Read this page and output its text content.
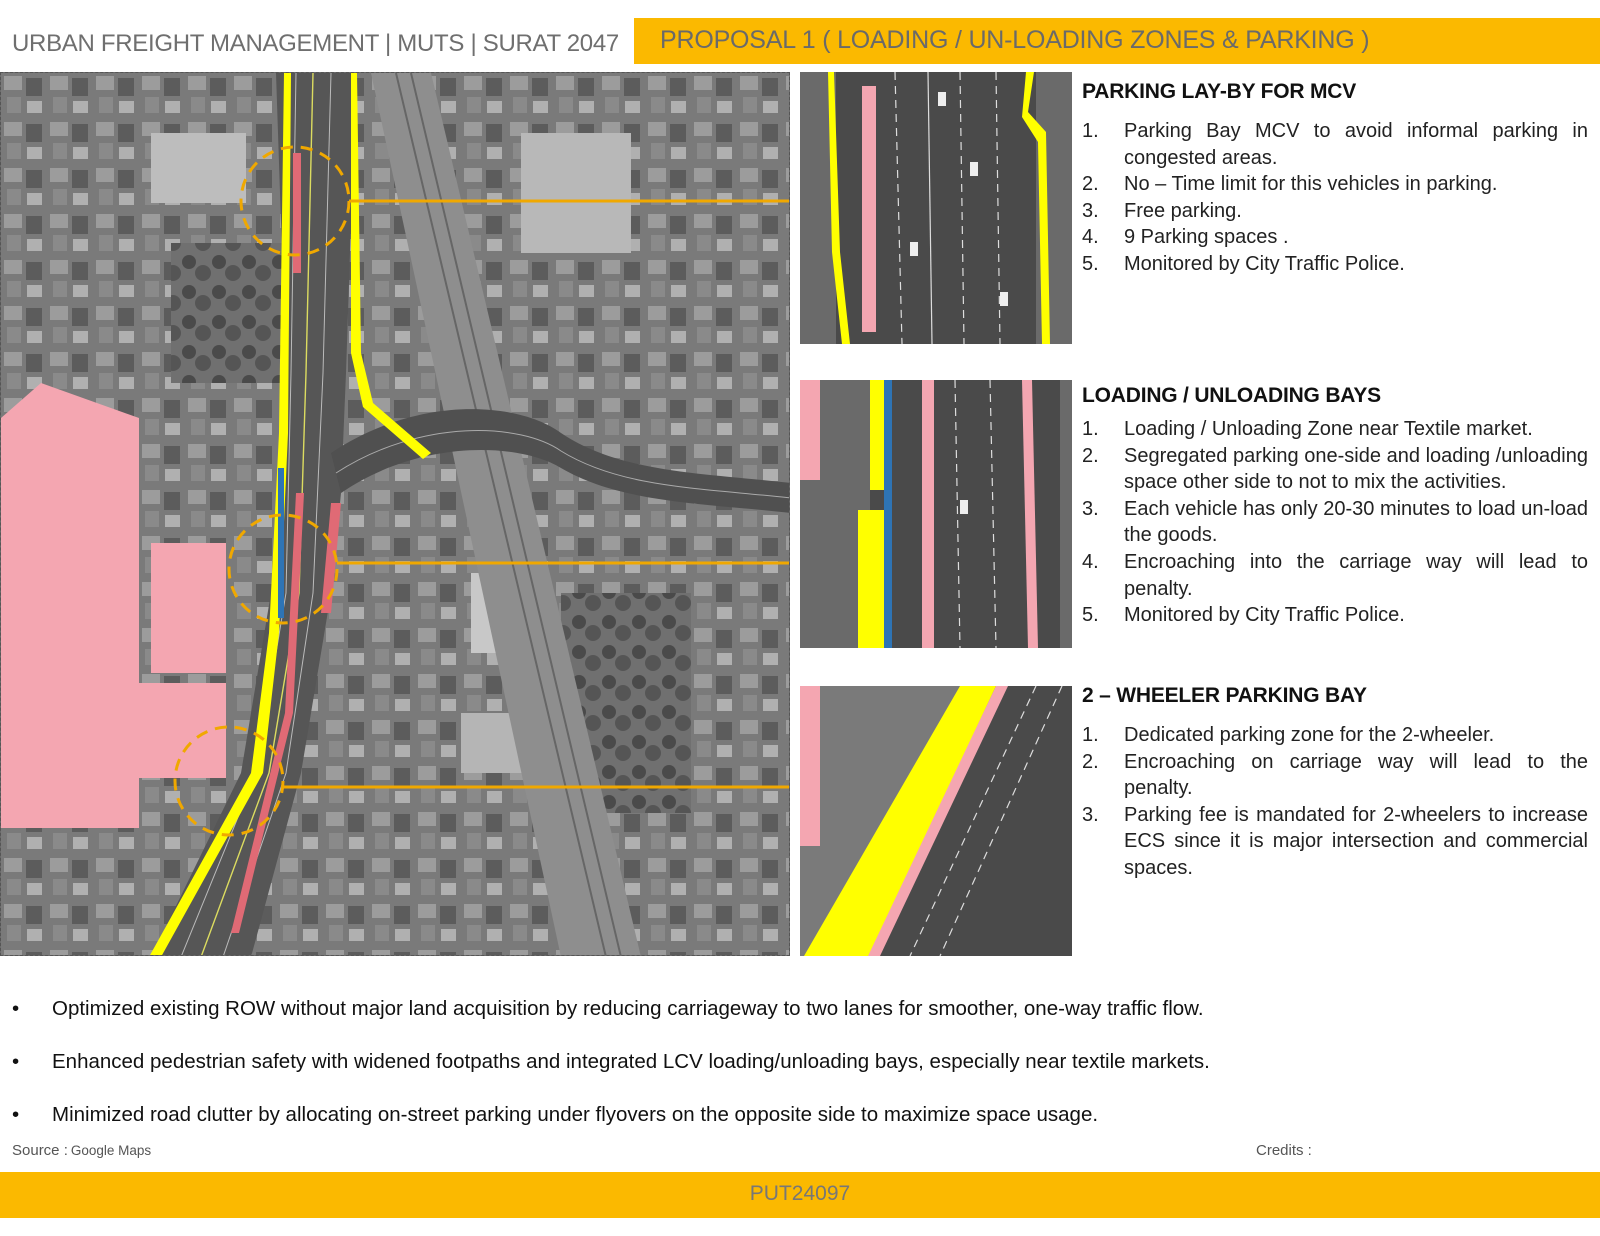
URBAN FREIGHT MANAGEMENT | MUTS | SURAT 2047 PROPOSAL 1 ( LOADING / UN-LOADING ZONES & PARKING )
PARKING LAY-BY FOR MCV
1. Parking Bay MCV to avoid informal parking in congested areas.
2. No – Time limit for this vehicles in parking.
3. Free parking.
4. 9 Parking spaces .
5. Monitored by City Traffic Police.
LOADING / UNLOADING BAYS
1. Loading / Unloading Zone near Textile market.
2. Segregated parking one-side and loading /unloading space other side to not to mix the activities.
3. Each vehicle has only 20-30 minutes to load un-load the goods.
4. Encroaching into the carriage way will lead to penalty.
5. Monitored by City Traffic Police.
2 – WHEELER PARKING BAY
1. Dedicated parking zone for the 2-wheeler.
2. Encroaching on carriage way will lead to the penalty.
3. Parking fee is mandated for 2-wheelers to increase ECS since it is major intersection and commercial spaces.
• Optimized existing ROW without major land acquisition by reducing carriageway to two lanes for smoother, one-way traffic flow.
• Enhanced pedestrian safety with widened footpaths and integrated LCV loading/unloading bays, especially near textile markets.
• Minimized road clutter by allocating on-street parking under flyovers on the opposite side to maximize space usage.
Source : Google Maps	Credits :
PUT24097
